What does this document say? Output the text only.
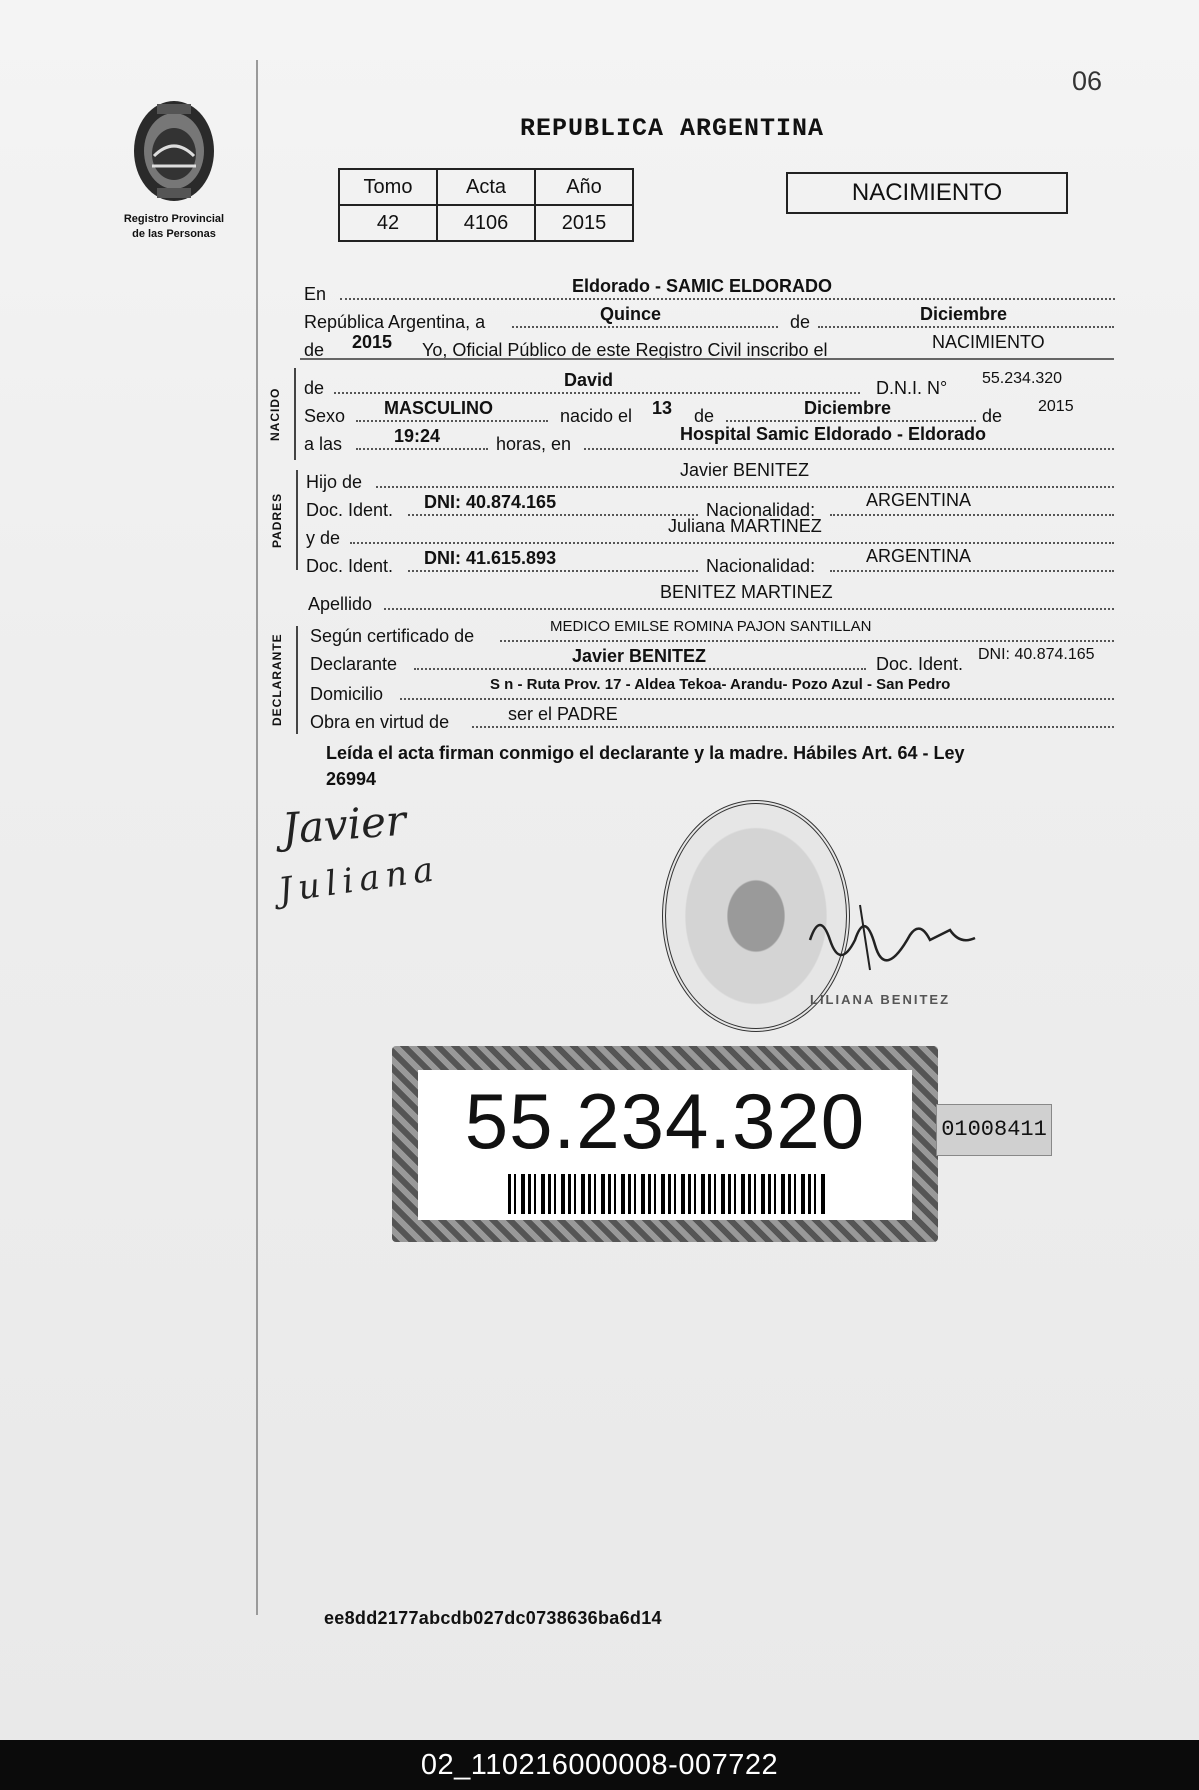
06
Registro Provincial
de las Personas
REPUBLICA ARGENTINA
Tomo	Acta	Año
42	4106	2015
NACIMIENTO
En	Eldorado - SAMIC ELDORADO
República Argentina, a	Quince	de	Diciembre
de 2015 Yo, Oficial Público de este Registro Civil inscribo el	NACIMIENTO
NACIDO	de	David	D.N.I. N° 55.234.320
Sexo MASCULINO	nacido el 13 de	Diciembre	de 2015
a las	19:24	horas, en	Hospital Samic Eldorado - Eldorado
PADRES
Hijo de
Javier BENITEZ
Doc. Ident. DNI: 40.874.165	Nacionalidad:	ARGENTINA
y de
Juliana MARTINEZ
Doc. Ident. DNI: 41.615.893	Nacionalidad:	ARGENTINA
Apellido
BENITEZ MARTINEZ
DECLARANTE	Según certificado de	MEDICO EMILSE ROMINA PAJON SANTILLAN
Declarante	Javier BENITEZ	Doc. Ident. DNI: 40.874.165
Domicilio	S n - Ruta Prov. 17 - Aldea Tekoa- Arandu- Pozo Azul - San Pedro
Obra en virtud de	ser el PADRE
Leída el acta firman conmigo el declarante y la madre. Hábiles Art. 64 - Ley
26994
Javier
Juliana
LILIANA BENITEZ
55.234.320	01008411
ee8dd2177abcdb027dc0738636ba6d14
02_110216000008-007722
